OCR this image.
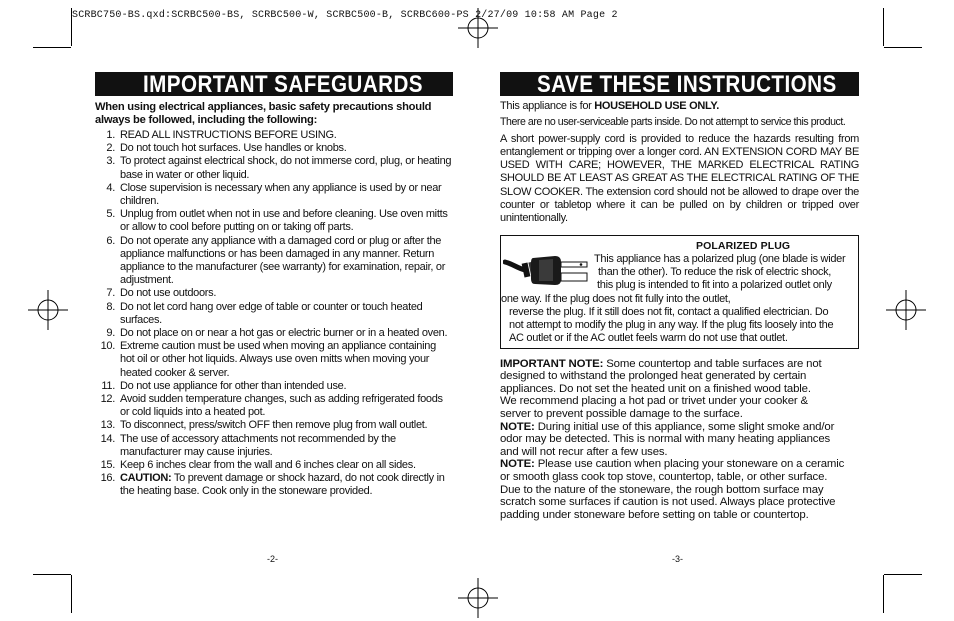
SCRBC750-BS.qxd:SCRBC500-BS, SCRBC500-W, SCRBC500-B, SCRBC600-PS 2/27/09 10:58 AM Page 2
IMPORTANT SAFEGUARDS
When using electrical appliances, basic safety precautions should always be followed, including the following:
1. READ ALL INSTRUCTIONS BEFORE USING.
2. Do not touch hot surfaces. Use handles or knobs.
3. To protect against electrical shock, do not immerse cord, plug, or heating base in water or other liquid.
4. Close supervision is necessary when any appliance is used by or near children.
5. Unplug from outlet when not in use and before cleaning. Use oven mitts or allow to cool before putting on or taking off parts.
6. Do not operate any appliance with a damaged cord or plug or after the appliance malfunctions or has been damaged in any manner. Return appliance to the manufacturer (see warranty) for examination, repair, or adjustment.
7. Do not use outdoors.
8. Do not let cord hang over edge of table or counter or touch heated surfaces.
9. Do not place on or near a hot gas or electric burner or in a heated oven.
10. Extreme caution must be used when moving an appliance containing hot oil or other hot liquids. Always use oven mitts when moving your heated cooker & server.
11. Do not use appliance for other than intended use.
12. Avoid sudden temperature changes, such as adding refrigerated foods or cold liquids into a heated pot.
13. To disconnect, press/switch OFF then remove plug from wall outlet.
14. The use of accessory attachments not recommended by the manufacturer may cause injuries.
15. Keep 6 inches clear from the wall and 6 inches clear on all sides.
16. CAUTION: To prevent damage or shock hazard, do not cook directly in the heating base. Cook only in the stoneware provided.
-2-
SAVE THESE INSTRUCTIONS

This appliance is for HOUSEHOLD USE ONLY.

There are no user-serviceable parts inside. Do not attempt to service this product.

A short power-supply cord is provided to reduce the hazards resulting from entanglement or tripping over a longer cord. AN EXTENSION CORD MAY BE USED WITH CARE; HOWEVER, THE MARKED ELECTRICAL RATING SHOULD BE AT LEAST AS GREAT AS THE ELECTRICAL RATING OF THE SLOW COOKER. The extension cord should not be allowed to drape over the counter or tabletop where it can be pulled on by children or tripped over unintentionally.

POLARIZED PLUG
This appliance has a polarized plug (one blade is wider
than the other). To reduce the risk of electric shock,
this plug is intended to fit into a polarized outlet only
one way. If the plug does not fit fully into the outlet,
reverse the plug. If it still does not fit, contact a qualified electrician. Do
not attempt to modify the plug in any way. If the plug fits loosely into the
AC outlet or if the AC outlet feels warm do not use that outlet.

IMPORTANT NOTE: Some countertop and table surfaces are not
designed to withstand the prolonged heat generated by certain
appliances. Do not set the heated unit on a finished wood table.
We recommend placing a hot pad or trivet under your cooker &
server to prevent possible damage to the surface.

NOTE: During initial use of this appliance, some slight smoke and/or
odor may be detected. This is normal with many heating appliances
and will not recur after a few uses.

NOTE: Please use caution when placing your stoneware on a ceramic
or smooth glass cook top stove, countertop, table, or other surface.
Due to the nature of the stoneware, the rough bottom surface may
scratch some surfaces if caution is not used. Always place protective
padding under stoneware before setting on table or countertop.

-3-
